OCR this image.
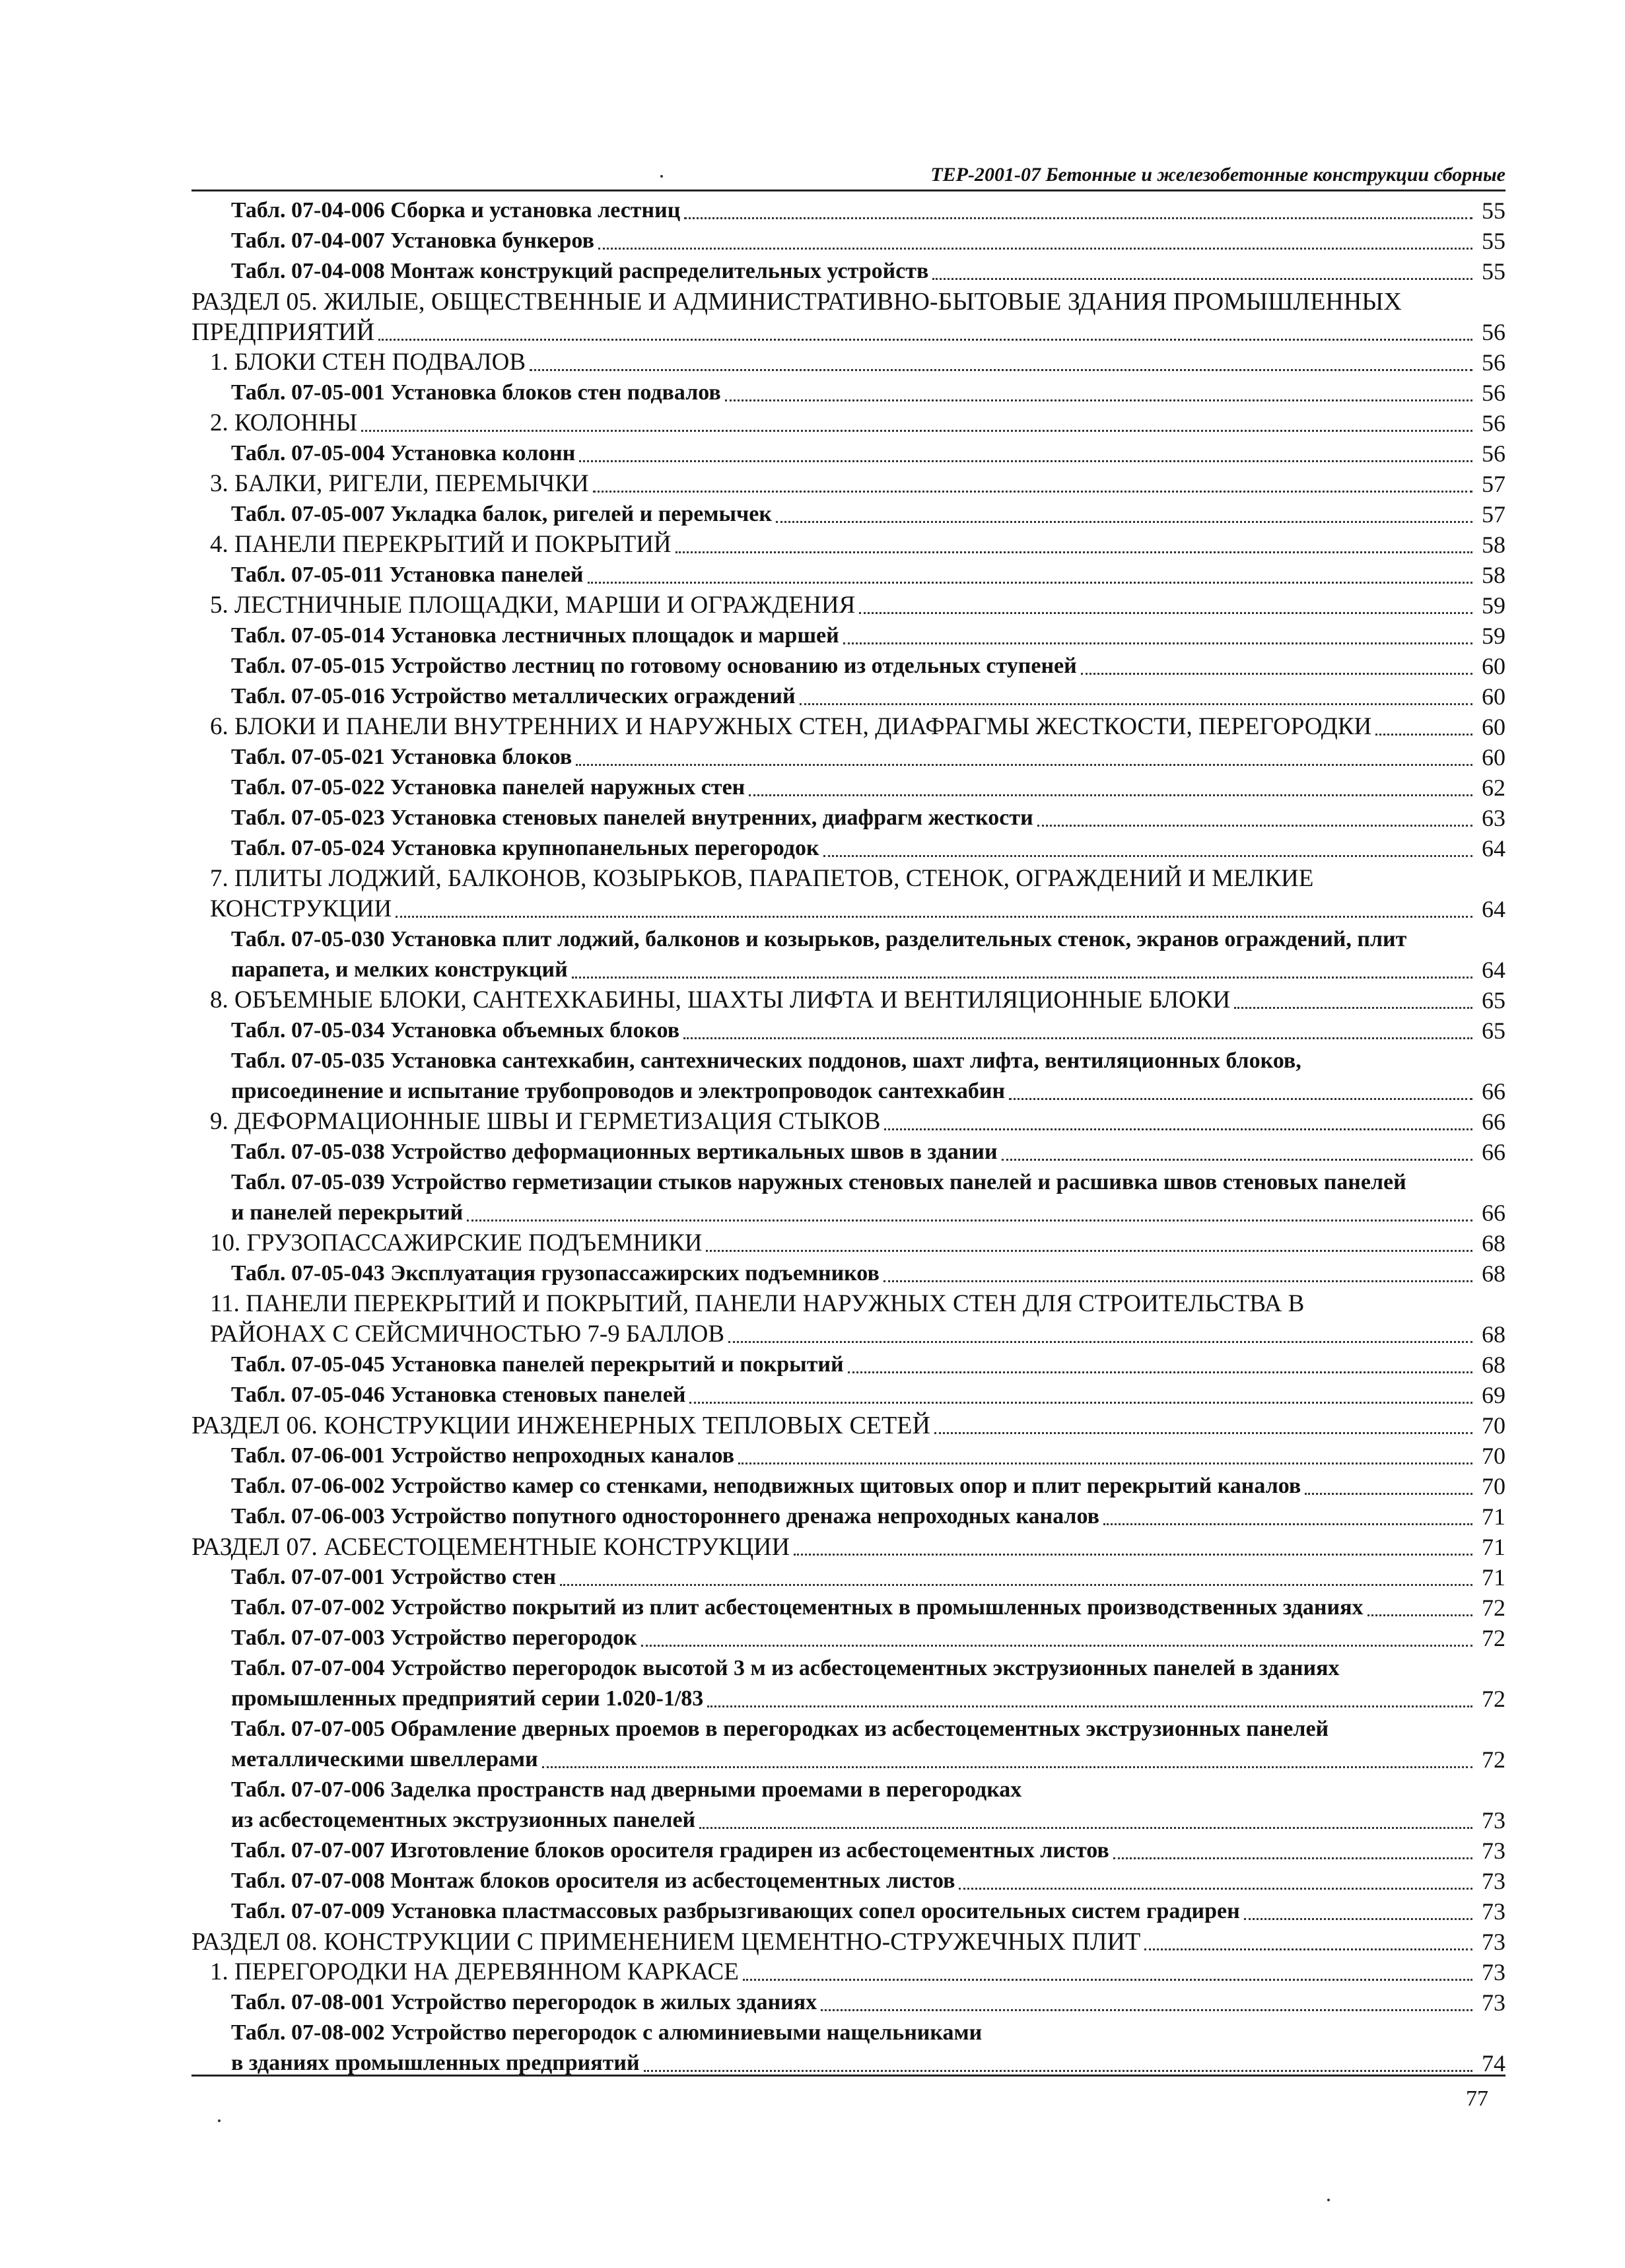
ТЕР-2001-07 Бетонные и железобетонные конструкции сборные
Табл. 07-04-006 Сборка и установка лестниц	55
Табл. 07-04-007 Установка бункеров	55
Табл. 07-04-008 Монтаж конструкций распределительных устройств	55
РАЗДЕЛ 05. ЖИЛЫЕ, ОБЩЕСТВЕННЫЕ И АДМИНИСТРАТИВНО-БЫТОВЫЕ ЗДАНИЯ ПРОМЫШЛЕННЫХ
ПРЕДПРИЯТИЙ	56
1. БЛОКИ СТЕН ПОДВАЛОВ	56
Табл. 07-05-001 Установка блоков стен подвалов	56
2. КОЛОННЫ	56
Табл. 07-05-004 Установка колонн	56
3. БАЛКИ, РИГЕЛИ, ПЕРЕМЫЧКИ	57
Табл. 07-05-007 Укладка балок, ригелей и перемычек	57
4. ПАНЕЛИ ПЕРЕКРЫТИЙ И ПОКРЫТИЙ	58
Табл. 07-05-011 Установка панелей	58
5. ЛЕСТНИЧНЫЕ ПЛОЩАДКИ, МАРШИ И ОГРАЖДЕНИЯ	59
Табл. 07-05-014 Установка лестничных площадок и маршей	59
Табл. 07-05-015 Устройство лестниц по готовому основанию из отдельных ступеней	60
Табл. 07-05-016 Устройство металлических ограждений	60
6. БЛОКИ И ПАНЕЛИ ВНУТРЕННИХ И НАРУЖНЫХ СТЕН, ДИАФРАГМЫ ЖЕСТКОСТИ, ПЕРЕГОРОДКИ	60
Табл. 07-05-021 Установка блоков	60
Табл. 07-05-022 Установка панелей наружных стен	62
Табл. 07-05-023 Установка стеновых панелей внутренних, диафрагм жесткости	63
Табл. 07-05-024 Установка крупнопанельных перегородок	64
7. ПЛИТЫ ЛОДЖИЙ, БАЛКОНОВ, КОЗЫРЬКОВ, ПАРАПЕТОВ, СТЕНОК, ОГРАЖДЕНИЙ И МЕЛКИЕ
КОНСТРУКЦИИ	64
Табл. 07-05-030 Установка плит лоджий, балконов и козырьков, разделительных стенок, экранов ограждений, плит
парапета, и мелких конструкций	64
8. ОБЪЕМНЫЕ БЛОКИ, САНТЕХКАБИНЫ, ШАХТЫ ЛИФТА И ВЕНТИЛЯЦИОННЫЕ БЛОКИ	65
Табл. 07-05-034 Установка объемных блоков	65
Табл. 07-05-035 Установка сантехкабин, сантехнических поддонов, шахт лифта, вентиляционных блоков,
присоединение и испытание трубопроводов и электропроводок сантехкабин	66
9. ДЕФОРМАЦИОННЫЕ ШВЫ И ГЕРМЕТИЗАЦИЯ СТЫКОВ	66
Табл. 07-05-038 Устройство деформационных вертикальных швов в здании	66
Табл. 07-05-039 Устройство герметизации стыков наружных стеновых панелей и расшивка швов стеновых панелей
и панелей перекрытий	66
10. ГРУЗОПАССАЖИРСКИЕ ПОДЪЕМНИКИ	68
Табл. 07-05-043 Эксплуатация грузопассажирских подъемников	68
11. ПАНЕЛИ ПЕРЕКРЫТИЙ И ПОКРЫТИЙ, ПАНЕЛИ НАРУЖНЫХ СТЕН ДЛЯ СТРОИТЕЛЬСТВА В
РАЙОНАХ С СЕЙСМИЧНОСТЬЮ 7-9 БАЛЛОВ	68
Табл. 07-05-045 Установка панелей перекрытий и покрытий	68
Табл. 07-05-046 Установка стеновых панелей	69
РАЗДЕЛ 06. КОНСТРУКЦИИ ИНЖЕНЕРНЫХ ТЕПЛОВЫХ СЕТЕЙ	70
Табл. 07-06-001 Устройство непроходных каналов	70
Табл. 07-06-002 Устройство камер со стенками, неподвижных щитовых опор и плит перекрытий каналов	70
Табл. 07-06-003 Устройство попутного одностороннего дренажа непроходных каналов	71
РАЗДЕЛ 07. АСБЕСТОЦЕМЕНТНЫЕ КОНСТРУКЦИИ	71
Табл. 07-07-001 Устройство стен	71
Табл. 07-07-002 Устройство покрытий из плит асбестоцементных в промышленных производственных зданиях	72
Табл. 07-07-003 Устройство перегородок	72
Табл. 07-07-004 Устройство перегородок высотой 3 м из асбестоцементных экструзионных панелей в зданиях
промышленных предприятий серии 1.020-1/83	72
Табл. 07-07-005 Обрамление дверных проемов в перегородках из асбестоцементных экструзионных панелей
металлическими швеллерами	72
Табл. 07-07-006 Заделка пространств над дверными проемами в перегородках
из асбестоцементных экструзионных панелей	73
Табл. 07-07-007 Изготовление блоков оросителя градирен из асбестоцементных листов	73
Табл. 07-07-008 Монтаж блоков оросителя из асбестоцементных листов	73
Табл. 07-07-009 Установка пластмассовых разбрызгивающих сопел оросительных систем градирен	73
РАЗДЕЛ 08. КОНСТРУКЦИИ С ПРИМЕНЕНИЕМ ЦЕМЕНТНО-СТРУЖЕЧНЫХ ПЛИТ	73
1. ПЕРЕГОРОДКИ НА ДЕРЕВЯННОМ КАРКАСЕ	73
Табл. 07-08-001 Устройство перегородок в жилых зданиях	73
Табл. 07-08-002 Устройство перегородок с алюминиевыми нащельниками
в зданиях промышленных предприятий	74
77
